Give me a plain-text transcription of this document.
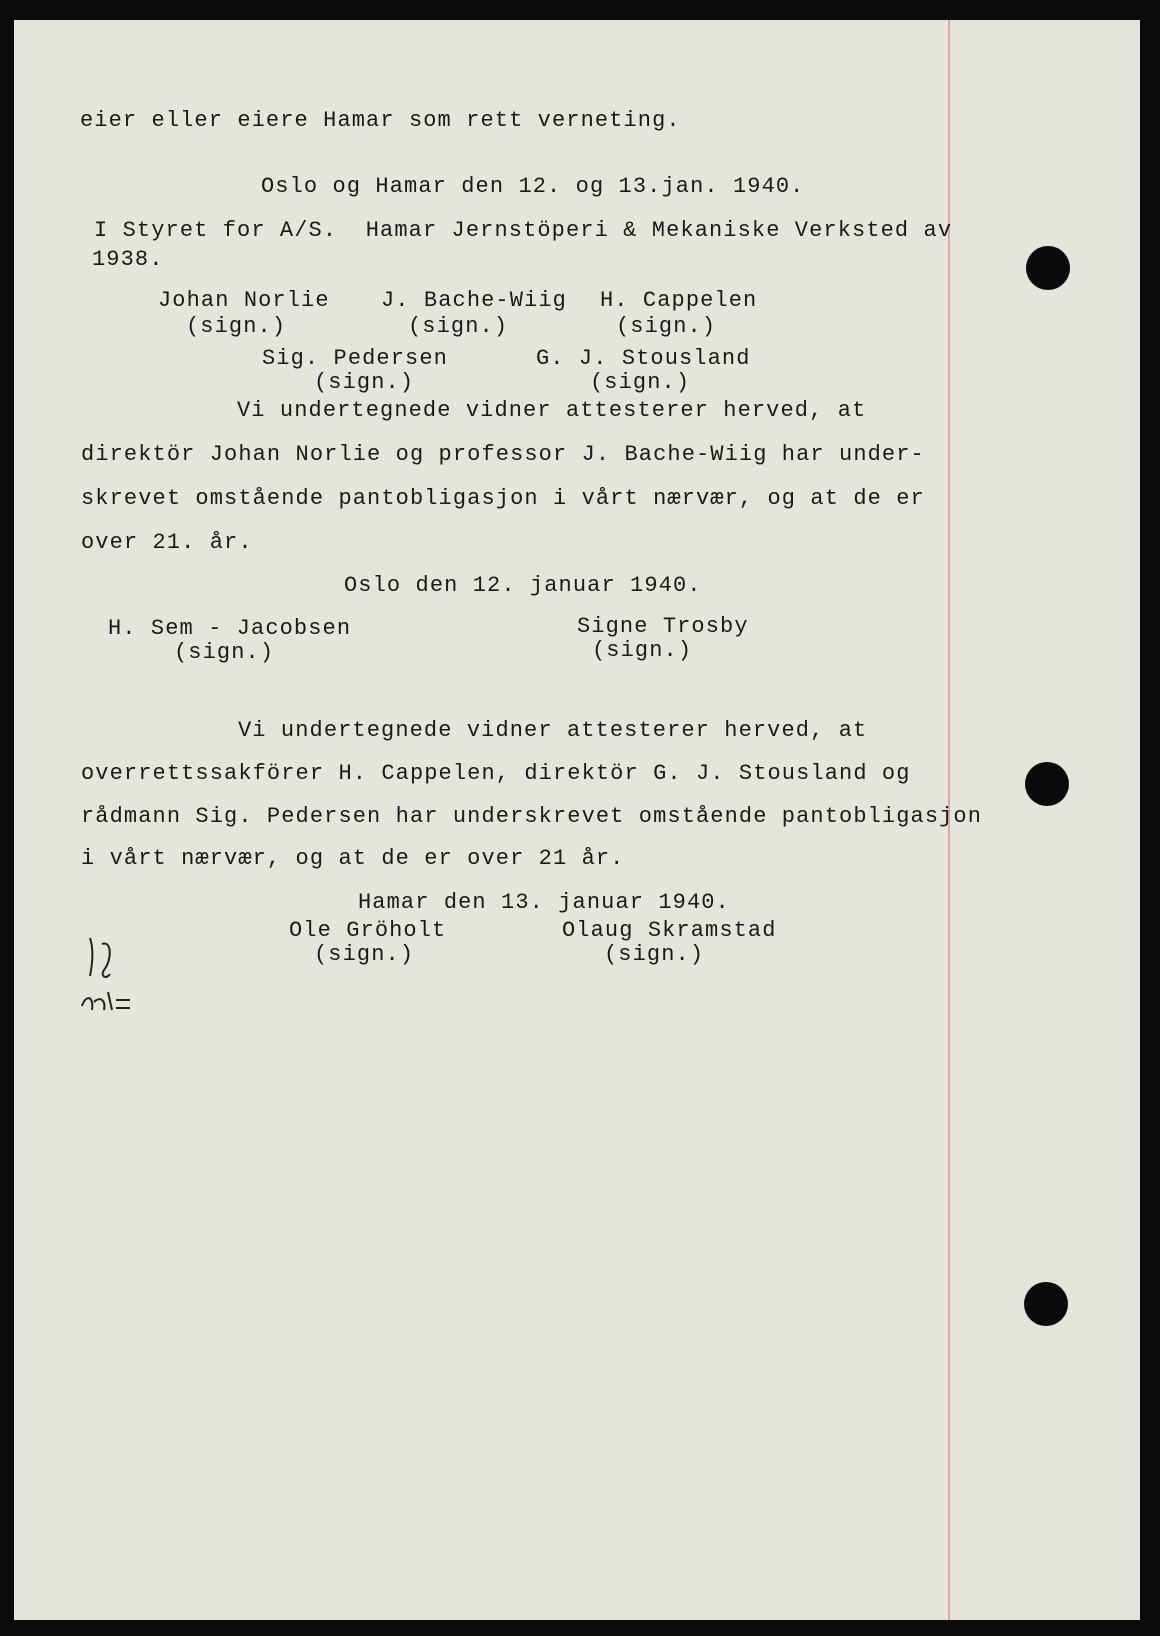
eier eller eiere Hamar som rett verneting.

Oslo og Hamar den 12. og 13.jan. 1940.

I Styret for A/S.  Hamar Jernstöperi & Mekaniske Verksted av

1938.

Johan Norlie

(sign.)

J. Bache-Wiig

(sign.)

H. Cappelen

(sign.)

Sig. Pedersen

(sign.)

G. J. Stousland

(sign.)

Vi undertegnede vidner attesterer herved, at

direktör Johan Norlie og professor J. Bache-Wiig har under-

skrevet omstående pantobligasjon i vårt nærvær, og at de er

over 21. år.

Oslo den 12. januar 1940.

H. Sem - Jacobsen

(sign.)

Signe Trosby

(sign.)

Vi undertegnede vidner attesterer herved, at

overrettssakförer H. Cappelen, direktör G. J. Stousland og

rådmann Sig. Pedersen har underskrevet omstående pantobligasjon

i vårt nærvær, og at de er over 21 år.

Hamar den 13. januar 1940.

Ole Gröholt

(sign.)

Olaug Skramstad

(sign.)
